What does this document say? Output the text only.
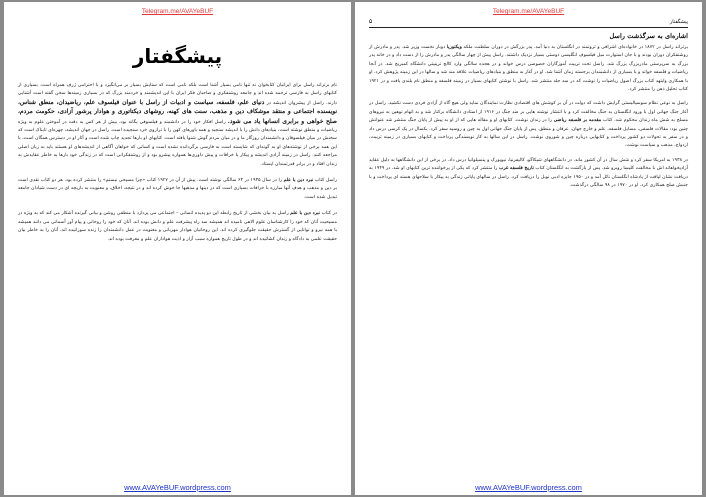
Telegram.me/AVAYeBUF
پیشگفتار

نام برتراند راسل برای ایرانیان کتابخوان نه تنها نامی بسیار آشنا است بلکه نامی است که ستایش بسیار بر می‌انگیزد و با احترامی ژرف همراه است. بسیاری از کتابهای راسل به فارسی ترجمه شده اند و جامعه روشنفکری و صاحبان فکر ایران با این اندیشمند و خردمند بزرگ که در بسیاری زمینه‌ها سخن گفته است آشنایی دارند. راسل از پیشروان اندیشه در دنیای علم، فلسفه، سیاست و ادبیات از راسل با عنوان فیلسوف علم، ریاضیدان، منطق شناس، نویسنده اجتماعی و منتقد موشکاف دین و مذهب، سنت های کهنه، روشهای دیکتاتوری و هوادار پرشور آزادی، حکومت مردم، صلح خواهی و برابری انسانها یاد می شود. راسل افکار خود را در دانشمند و فیلسوفی یگانه بود، بیش از هر کس به دقت در آموختن علوم به ویژه ریاضیات و منطق نوشته است، بنیادهای دانش را با اندیشه سنجید و همه باورهای کهن را با ترازوی خرد سنجیده است. راسل در جهان اندیشه، چهره‌ای تابناک است که سخنش در میان فیلسوفان و دانشمندان روزگار ما و در میان مردم گوش شنوا یافته است. کتابهای او بارها تجدید چاپ شده است و آثار او در دسترس همگان است، با این همه برخی از نوشته‌های او به گونه‌ای که شایسته است به فارسی برگردانده نشده است و کسانی که خواهان آگاهی از اندیشه‌های او هستند باید به زبان اصلی مراجعه کنند. راسل در زمینه آزادی اندیشه و پیکار با خرافات و پیش داوری‌ها همواره پیشرو بود و از روشنفکرانی است که در زندگی خود بارها به خاطر عقایدش به زندان افتاد و در برابر قدرتمندان ایستاد.

راسل کتاب نبرد دین با علم را در سال ۱۹۳۵ در ۶۳ سالگی نوشته است. پیش از آن در ۱۹۲۷ کتاب «چرا مسیحی نیستم» را منتشر کرده بود. هر دو کتاب نقدی است بر دین و مذهب و هدف آنها مبارزه با خرافات بسیاری است که در دینها و مذهبها جا خوش کرده اند و در نتیجه، اخلاق، و معنویت به بازیچه ای در دست شیادان جامعه تبدیل شده است.

در کتاب نبرد دین با علم راسل به بیان بخشی از تاریخ رابطه این دو پدیده انسانی – اجتماعی می پردازد با منطقی روشن و بیانی گیرنده آشکار می کند که به ویژه در مسیحیت آنان که خود را کارشناسان علوم الاهی نامیده اند همیشه سد راه پیشرفت علم و دانش بوده اند. آنان که خود را روحانی و پیام آور آسمانی می دانند همیشه با همه نیرو و توانایی از گسترش حقیقت جلوگیری کرده اند. این روحانیان هوادار مهربانی و معنویت در عمل دانشمندان را زنده سوزانیده اند، آنان را به خاطر بیان حقیقت علمی به دادگاه و زندان کشانیده اند و در طول تاریخ همواره سبب آزار و اذیت هواداران علم و معرفت بوده اند.

www.AVAYeBUF.wordpress.com
Telegram.me/AVAYeBUF
۵	پیشگفتار
اشاره‌ای به سرگذشت راسل

برتراند راسل در ۱۸۷۲ در خانواده‌ای اشرافی و ثروتمند در انگلستان به دنیا آمد. پدر بزرگش در دوران سلطنت ملکه ویکتوریا دوبار نخست وزیر شد. پدر و مادرش از روشنفکران دوران بودند و با جان استوارت میل فیلسوف انگلیسی دوستی بسیار نزدیک داشتند. راسل پیش از چهار سالگی پدر و مادرش را از دست داد و در خانه پدر بزرگ به سرپرستی مادربزرگ بزرگ شد. راسل تحت تربیت آموزگاران خصوصی درس خواند و در هجده سالگی وارد کالج ترینیتی دانشگاه کمبریج شد. در آنجا ریاضیات و فلسفه خواند و با بسیاری از دانشمندان برجسته زمان آشنا شد. او در آغاز به منطق و بنیادهای ریاضیات علاقه مند شد و سالها در این زمینه پژوهش کرد. او با همکاری وایتهد کتاب بزرگ اصول ریاضیات را نوشت که در سه جلد منتشر شد. راسل با نوشتن کتابهای بسیار در زمینه فلسفه و منطق نام بلندی یافت و در ۱۹۲۱ کتاب تحلیل ذهن را منتشر کرد.

راسل به نوعی نظام سوسیالیستی گرایش داشت که دولت در آن بر کوشش های اقتصادی نظارت نمایندگان نماید ولی هیچ گاه از آزادی فردی دست نکشید. راسل در آغاز جنگ جهانی اول با ورود انگلستان به جنگ مخالفت کرد و با انتشار نوشته هایی بر ضد جنگ در ۱۹۱۶ از استادی دانشگاه برکنار شد و به اتهام توهین به نیروهای مسلح به شش ماه زندان محکوم شد. کتاب مقدمه بر فلسفه ریاضی را در زندان نوشت. کتابهای او و مقاله هایی که از او به پیش از پایان جنگ منتشر شد عنوانش چنین بود: مقالات فلسفی، مسایل فلسفه، علم و خارج جهان، عرفان و منطق. پس از پایان جنگ جهانی اول به چین و روسیه سفر کرد. یکسال در یک کرسی درس داد و در سفر به تحولات دو کشور پرداخت و کتابهایی درباره چین و شوروی نوشت. راسل در این سالها به کار نویسندگی پرداخت و کتابهای بسیاری در زمینه تربیت، ازدواج، مذهب و سیاست نوشت.

در ۱۹۳۸ به امریکا سفر کرد و شش سال در آن کشور ماند. در دانشگاههای شیکاگو، کالیفرنیا، نیویورک و پنسیلوانیا درس داد. در برخی از این دانشگاهها به دلیل عقاید آزادیخواهانه اش با مخالفت کلیسا روبرو شد. پس از بازگشت به انگلستان کتاب تاریخ فلسفه غرب را منتشر کرد که یکی از پرخواننده ترین کتابهای او شد. در ۱۹۴۹ به دریافت نشان لیاقت از پادشاه انگلستان نائل آمد و در ۱۹۵۰ جایزه ادبی نوبل را دریافت کرد. راسل در سالهای پایانی زندگی به پیکار با سلاحهای هسته ای پرداخت و با جنبش صلح همکاری کرد. او در ۱۹۷۰ در ۹۸ سالگی درگذشت.

www.AVAYeBUF.wordpress.com
